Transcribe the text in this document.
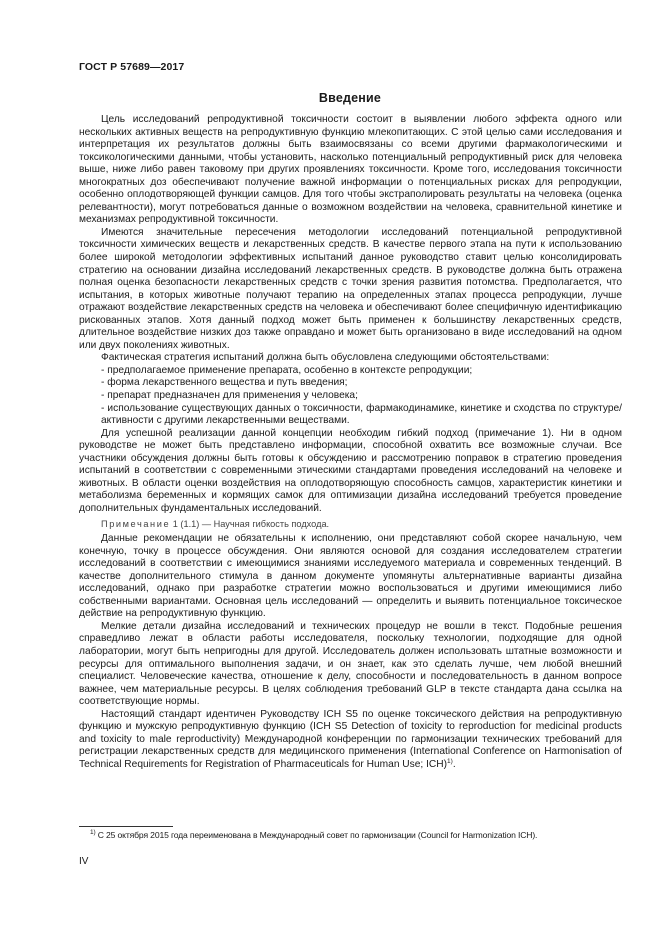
ГОСТ Р 57689—2017
Введение

Цель исследований репродуктивной токсичности состоит в выявлении любого эффекта одного или нескольких активных веществ на репродуктивную функцию млекопитающих. С этой целью сами исследования и интерпретация их результатов должны быть взаимосвязаны со всеми другими фармакологическими и токсикологическими данными, чтобы установить, насколько потенциальный репродуктивный риск для человека выше, ниже либо равен таковому при других проявлениях токсичности. Кроме того, исследования токсичности многократных доз обеспечивают получение важной информации о потенциальных рисках для репродукции, особенно оплодотворяющей функции самцов. Для того чтобы экстраполировать результаты на человека (оценка релевантности), могут потребоваться данные о возможном воздействии на человека, сравнительной кинетике и механизмах репродуктивной токсичности.

Имеются значительные пересечения методологии исследований потенциальной репродуктивной токсичности химических веществ и лекарственных средств. В качестве первого этапа на пути к использованию более широкой методологии эффективных испытаний данное руководство ставит целью консолидировать стратегию на основании дизайна исследований лекарственных средств. В руководстве должна быть отражена полная оценка безопасности лекарственных средств с точки зрения развития потомства. Предполагается, что испытания, в которых животные получают терапию на определенных этапах процесса репродукции, лучше отражают воздействие лекарственных средств на человека и обеспечивают более специфичную идентификацию рискованных этапов. Хотя данный подход может быть применен к большинству лекарственных средств, длительное воздействие низких доз также оправдано и может быть организовано в виде исследований на одном или двух поколениях животных.

Фактическая стратегия испытаний должна быть обусловлена следующими обстоятельствами:

- предполагаемое применение препарата, особенно в контексте репродукции;

- форма лекарственного вещества и путь введения;

- препарат предназначен для применения у человека;

- использование существующих данных о токсичности, фармакодинамике, кинетике и сходства по структуре/активности с другими лекарственными веществами.

Для успешной реализации данной концепции необходим гибкий подход (примечание 1). Ни в одном руководстве не может быть представлено информации, способной охватить все возможные случаи. Все участники обсуждения должны быть готовы к обсуждению и рассмотрению поправок в стратегию проведения испытаний в соответствии с современными этическими стандартами проведения исследований на человеке и животных. В области оценки воздействия на оплодотворяющую способность самцов, характеристик кинетики и метаболизма беременных и кормящих самок для оптимизации дизайна исследований требуется проведение дополнительных фундаментальных исследований.

Примечание 1 (1.1) — Научная гибкость подхода.

Данные рекомендации не обязательны к исполнению, они представляют собой скорее начальную, чем конечную, точку в процессе обсуждения. Они являются основой для создания исследователем стратегии исследований в соответствии с имеющимися знаниями исследуемого материала и современных тенденций. В качестве дополнительного стимула в данном документе упомянуты альтернативные варианты дизайна исследований, однако при разработке стратегии можно воспользоваться и другими имеющимися либо собственными вариантами. Основная цель исследований — определить и выявить потенциальное токсическое действие на репродуктивную функцию.

Мелкие детали дизайна исследований и технических процедур не вошли в текст. Подобные решения справедливо лежат в области работы исследователя, поскольку технологии, подходящие для одной лаборатории, могут быть непригодны для другой. Исследователь должен использовать штатные возможности и ресурсы для оптимального выполнения задачи, и он знает, как это сделать лучше, чем любой внешний специалист. Человеческие качества, отношение к делу, способности и последовательность в данном вопросе важнее, чем материальные ресурсы. В целях соблюдения требований GLP в тексте стандарта дана ссылка на соответствующие нормы.

Настоящий стандарт идентичен Руководству ICH S5 по оценке токсического действия на репродуктивную функцию и мужскую репродуктивную функцию (ICH S5 Detection of toxicity to reproduction for medicinal products and toxicity to male reproductivity) Международной конференции по гармонизации технических требований для регистрации лекарственных средств для медицинского применения (International Conference on Harmonisation of Technical Requirements for Registration of Pharmaceuticals for Human Use; ICH)$^{1)}$.

$^{1)}$ С 25 октября 2015 года переименована в Международный совет по гармонизации (Council for Harmonization ICH).
IV
